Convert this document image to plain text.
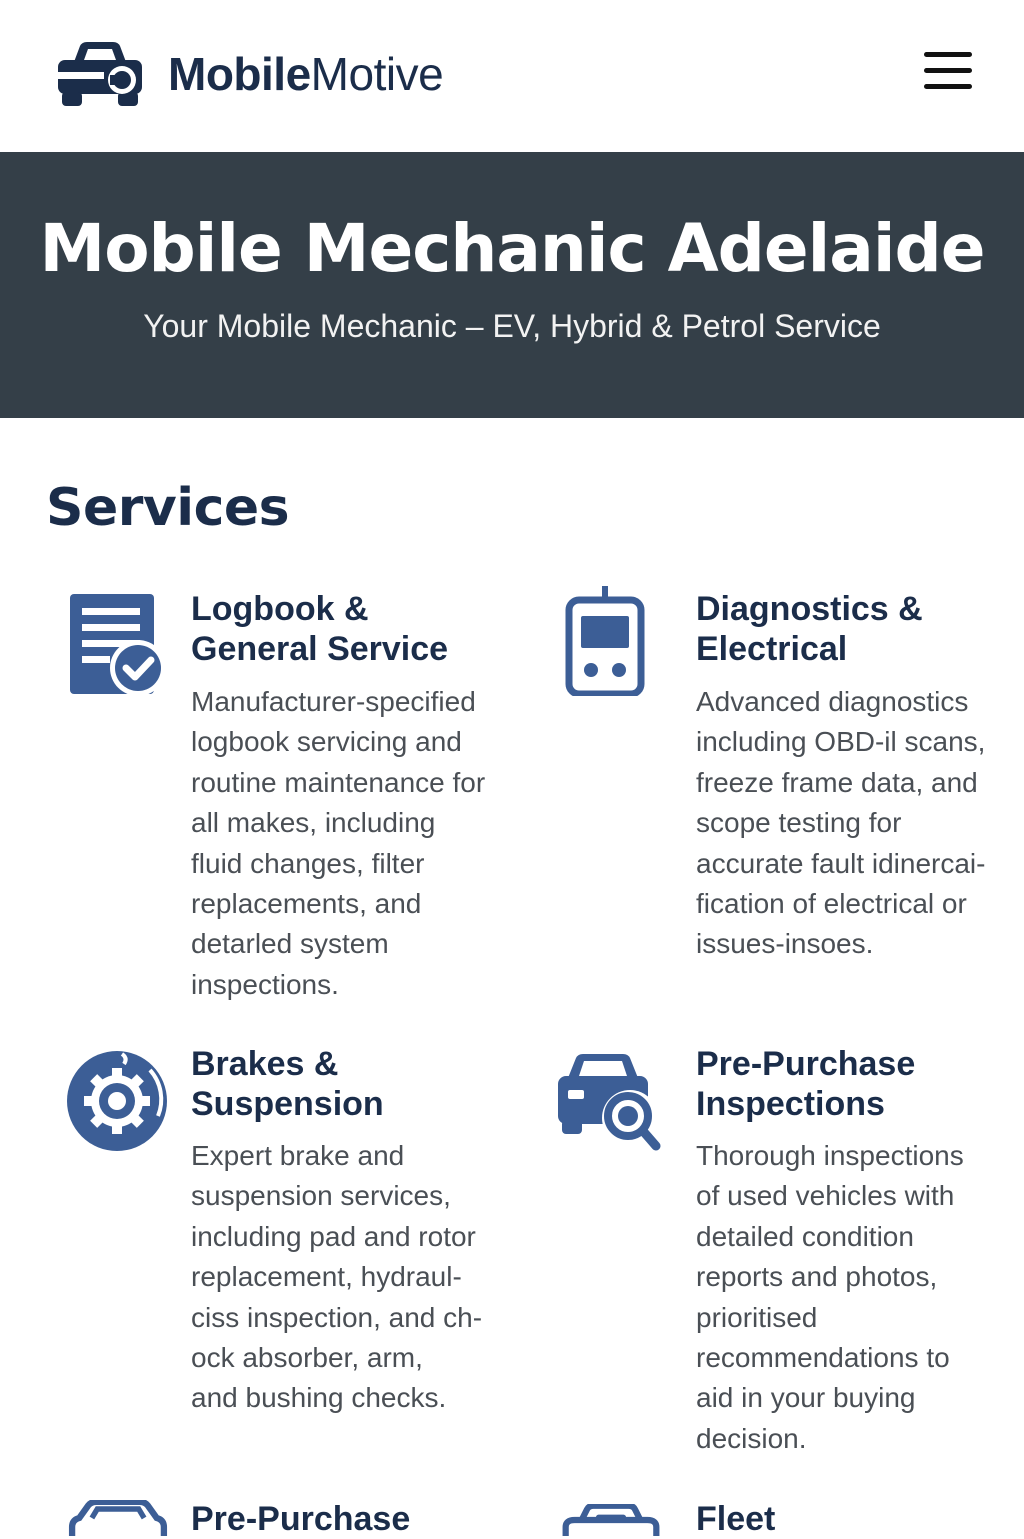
MobileMotive
Mobile Mechanic Adelaide

Your Mobile Mechanic – EV, Hybrid & Petrol Service

Services
Logbook &
General Service
Manufacturer-specified
logbook servicing and
routine maintenance for
all makes, including
fluid changes, filter
replacements, and
detarled system
inspections.
Diagnostics &
Electrical
Advanced diagnostics
including OBD-il scans,
freeze frame data, and
scope testing for
accurate fault idinercai-
fication of electrical or
issues-insoes.
Brakes &
Suspension
Expert brake and
suspension services,
including pad and rotor
replacement, hydraul-
ciss inspection, and ch-
ock absorber, arm,
and bushing checks.
Pre-Purchase
Inspections
Thorough inspections
of used vehicles with
detailed condition
reports and photos,
prioritised
recommendations to
aid in your buying
decision.
Pre-Purchase	Fleet
